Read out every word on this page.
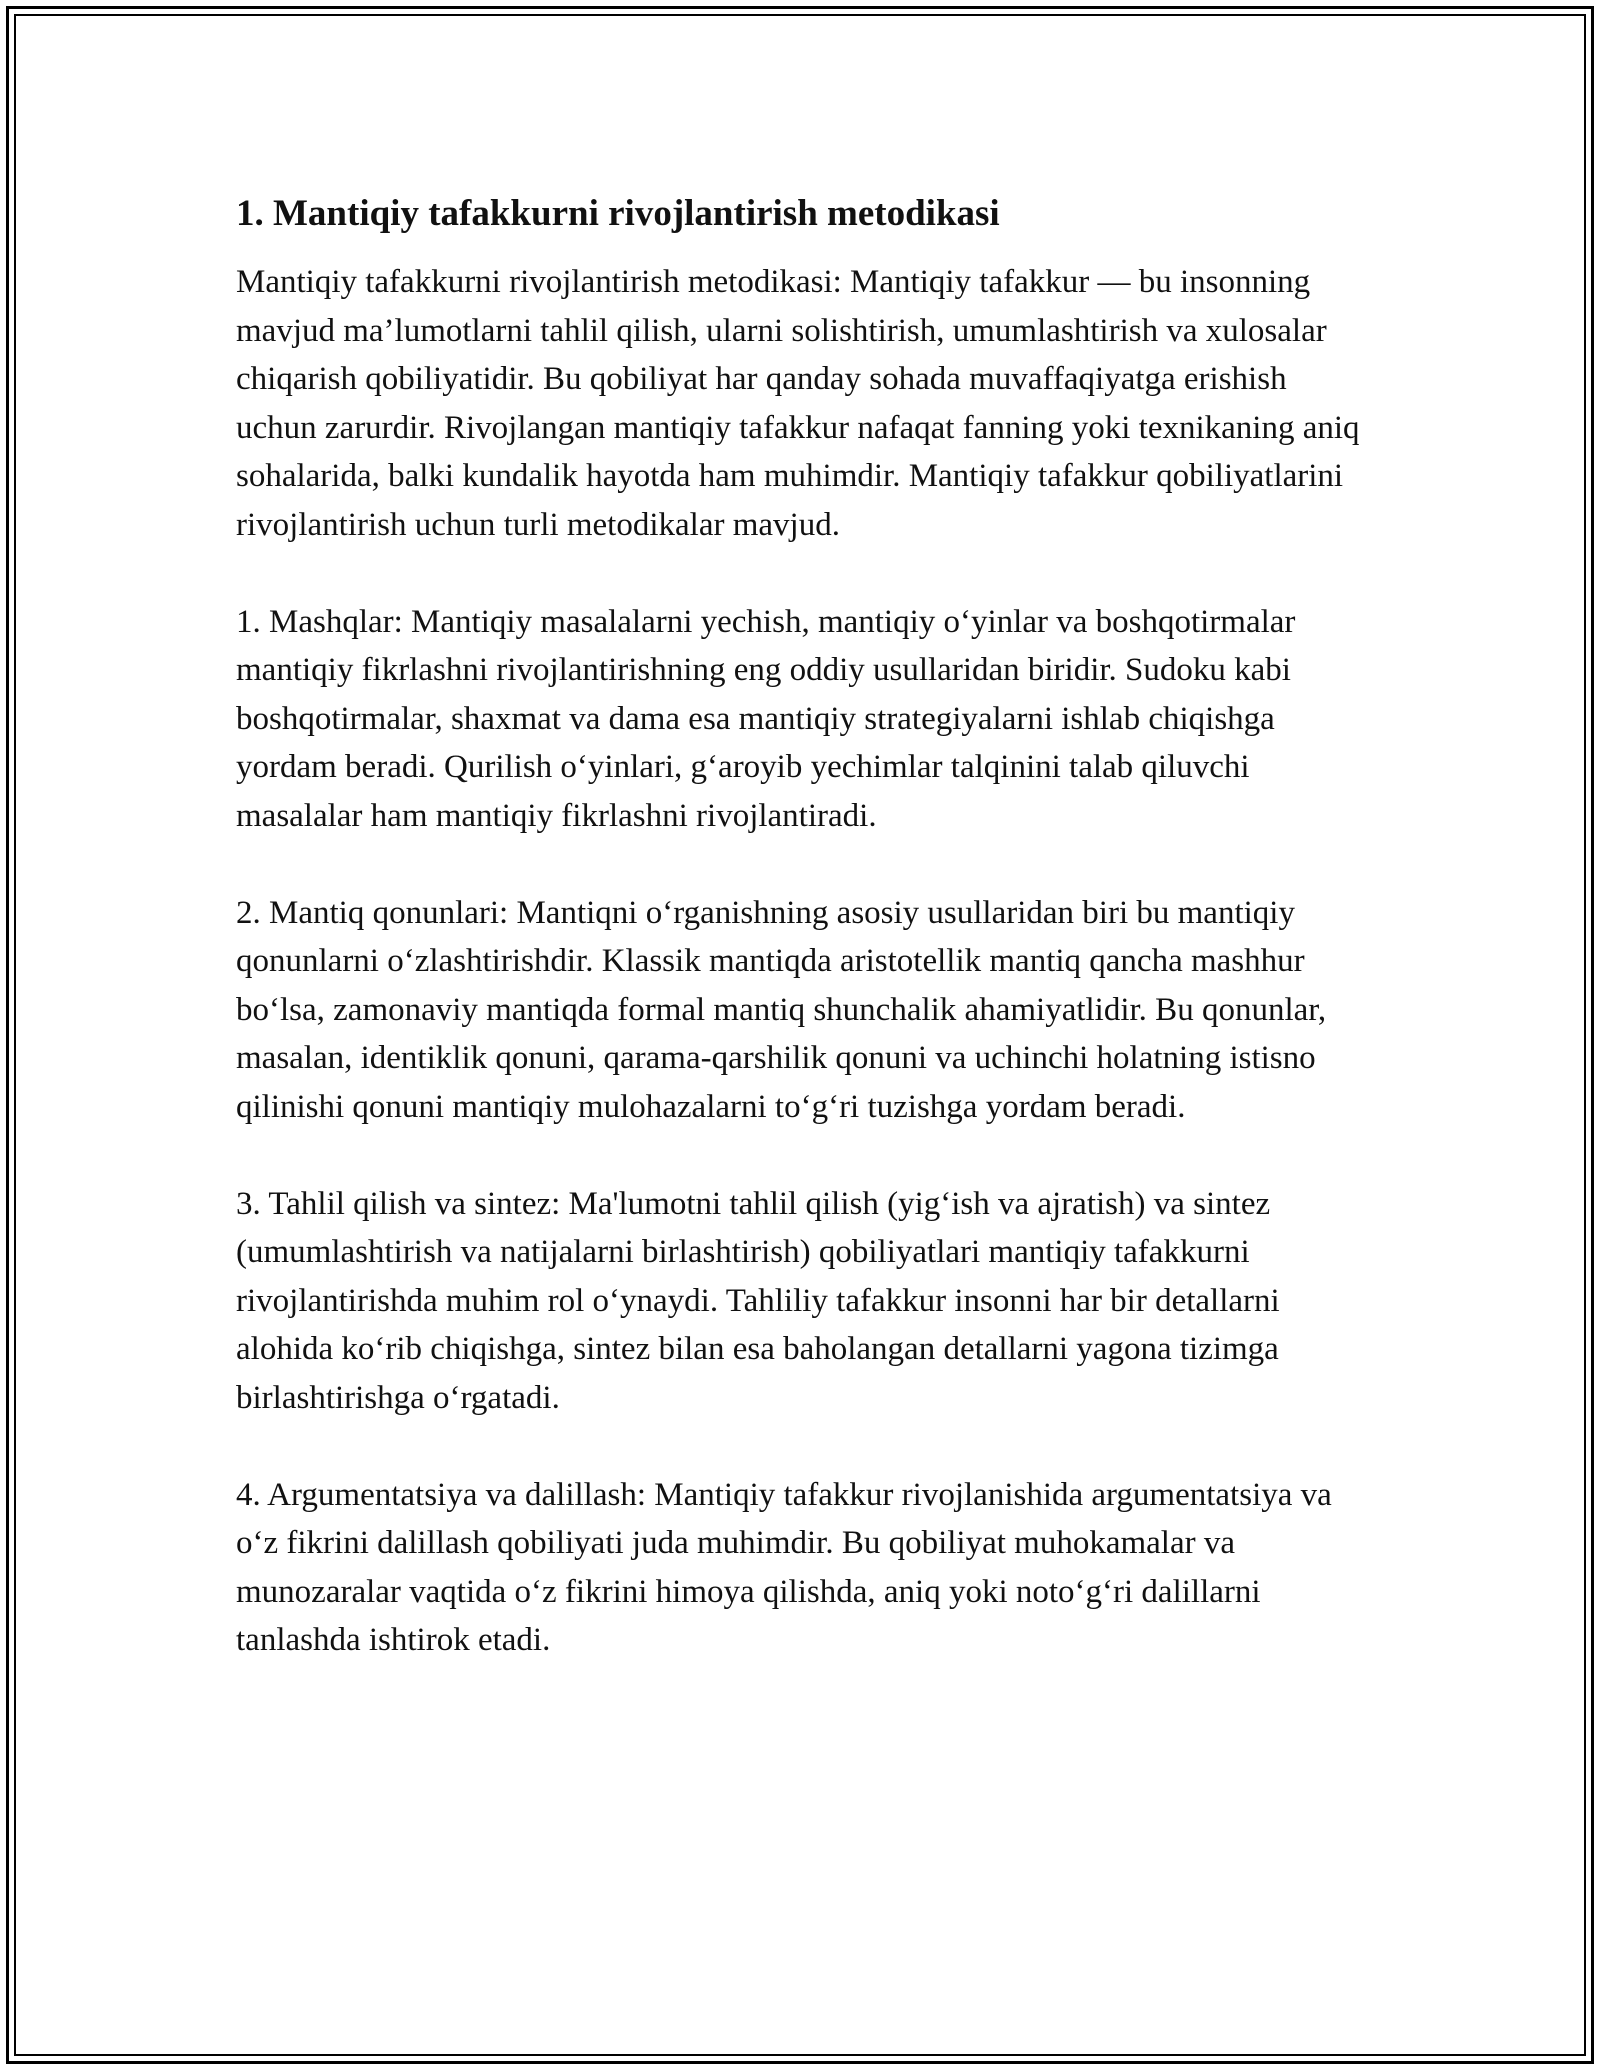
1. Mantiqiy tafakkurni rivojlantirish metodikasi

Mantiqiy tafakkurni rivojlantirish metodikasi: Mantiqiy tafakkur — bu insonning mavjud ma’lumotlarni tahlil qilish, ularni solishtirish, umumlashtirish va xulosalar chiqarish qobiliyatidir. Bu qobiliyat har qanday sohada muvaffaqiyatga erishish uchun zarurdir. Rivojlangan mantiqiy tafakkur nafaqat fanning yoki texnikaning aniq sohalarida, balki kundalik hayotda ham muhimdir. Mantiqiy tafakkur qobiliyatlarini rivojlantirish uchun turli metodikalar mavjud.

1. Mashqlar: Mantiqiy masalalarni yechish, mantiqiy o‘yinlar va boshqotirmalar mantiqiy fikrlashni rivojlantirishning eng oddiy usullaridan biridir. Sudoku kabi boshqotirmalar, shaxmat va dama esa mantiqiy strategiyalarni ishlab chiqishga yordam beradi. Qurilish o‘yinlari, g‘aroyib yechimlar talqinini talab qiluvchi masalalar ham mantiqiy fikrlashni rivojlantiradi.

2. Mantiq qonunlari: Mantiqni o‘rganishning asosiy usullaridan biri bu mantiqiy qonunlarni o‘zlashtirishdir. Klassik mantiqda aristotellik mantiq qancha mashhur bo‘lsa, zamonaviy mantiqda formal mantiq shunchalik ahamiyatlidir. Bu qonunlar, masalan, identiklik qonuni, qarama-qarshilik qonuni va uchinchi holatning istisno qilinishi qonuni mantiqiy mulohazalarni to‘g‘ri tuzishga yordam beradi.

3. Tahlil qilish va sintez: Ma'lumotni tahlil qilish (yig‘ish va ajratish) va sintez (umumlashtirish va natijalarni birlashtirish) qobiliyatlari mantiqiy tafakkurni rivojlantirishda muhim rol o‘ynaydi. Tahliliy tafakkur insonni har bir detallarni alohida ko‘rib chiqishga, sintez bilan esa baholangan detallarni yagona tizimga birlashtirishga o‘rgatadi.

4. Argumentatsiya va dalillash: Mantiqiy tafakkur rivojlanishida argumentatsiya va o‘z fikrini dalillash qobiliyati juda muhimdir. Bu qobiliyat muhokamalar va munozaralar vaqtida o‘z fikrini himoya qilishda, aniq yoki noto‘g‘ri dalillarni tanlashda ishtirok etadi.
